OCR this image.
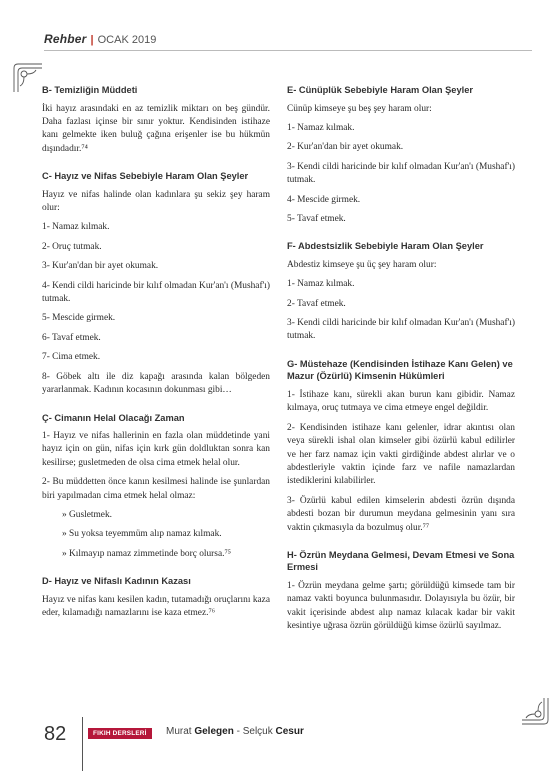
Rehber | OCAK 2019
B- Temizliğin Müddeti
İki hayız arasındaki en az temizlik miktarı on beş gündür. Daha fazlası içinse bir sınır yoktur. Kendisinden istihaze kanı gelmekte iken buluğ çağına erişenler ise bu hükmün dışındadır.⁷⁴
C- Hayız ve Nifas Sebebiyle Haram Olan Şeyler
Hayız ve nifas halinde olan kadınlara şu sekiz şey haram olur:
1- Namaz kılmak.
2- Oruç tutmak.
3- Kur'an'dan bir ayet okumak.
4- Kendi cildi haricinde bir kılıf olmadan Kur'an'ı (Mushaf'ı) tutmak.
5- Mescide girmek.
6- Tavaf etmek.
7- Cima etmek.
8- Göbek altı ile diz kapağı arasında kalan bölgeden yararlanmak. Kadının kocasının dokunması gibi…
Ç- Cimanın Helal Olacağı Zaman
1- Hayız ve nifas hallerinin en fazla olan müddetinde yani hayız için on gün, nifas için kırk gün doldluktan sonra kan kesilirse; gusletmeden de olsa cima etmek helal olur.
2- Bu müddetten önce kanın kesilmesi halinde ise şunlardan biri yapılmadan cima etmek helal olmaz:
» Gusletmek.
» Su yoksa teyemmüm alıp namaz kılmak.
» Kılmayıp namaz zimmetinde borç olursa.⁷⁵
D- Hayız ve Nifaslı Kadının Kazası
Hayız ve nifas kanı kesilen kadın, tutamadığı oruçlarını kaza eder, kılamadığı namazlarını ise kaza etmez.⁷⁶
E- Cünüplük Sebebiyle Haram Olan Şeyler
Cünüp kimseye şu beş şey haram olur:
1- Namaz kılmak.
2- Kur'an'dan bir ayet okumak.
3- Kendi cildi haricinde bir kılıf olmadan Kur'an'ı (Mushaf'ı) tutmak.
4- Mescide girmek.
5- Tavaf etmek.
F- Abdestsizlik Sebebiyle Haram Olan Şeyler
Abdestiz kimseye şu üç şey haram olur:
1- Namaz kılmak.
2- Tavaf etmek.
3- Kendi cildi haricinde bir kılıf olmadan Kur'an'ı (Mushaf'ı) tutmak.
G- Müstehaze (Kendisinden İstihaze Kanı Gelen) ve Mazur (Özürlü) Kimsenin Hükümleri
1- İstihaze kanı, sürekli akan burun kanı gibidir. Namaz kılmaya, oruç tutmaya ve cima etmeye engel değildir.
2- Kendisinden istihaze kanı gelenler, idrar akıntısı olan veya sürekli ishal olan kimseler gibi özürlü kabul edilirler ve her farz namaz için vakti girdiğinde abdest alırlar ve o abdestleriyle vaktin içinde farz ve nafile namazlardan istediklerini kılabilirler.
3- Özürlü kabul edilen kimselerin abdesti özrün dışında abdesti bozan bir durumun meydana gelmesinin yanı sıra vaktin çıkmasıyla da bozulmuş olur.⁷⁷
H- Özrün Meydana Gelmesi, Devam Etmesi ve Sona Ermesi
1- Özrün meydana gelme şartı; görüldüğü kimsede tam bir namaz vakti boyunca bulunmasıdır. Dolayısıyla bu özür, bir vakit içerisinde abdest alıp namaz kılacak kadar bir vakit kesintiye uğrasa özrün görüldüğü kimse özürlü sayılmaz.
82	FIKIH DERSLERİ	Murat Gelegen - Selçuk Cesur
